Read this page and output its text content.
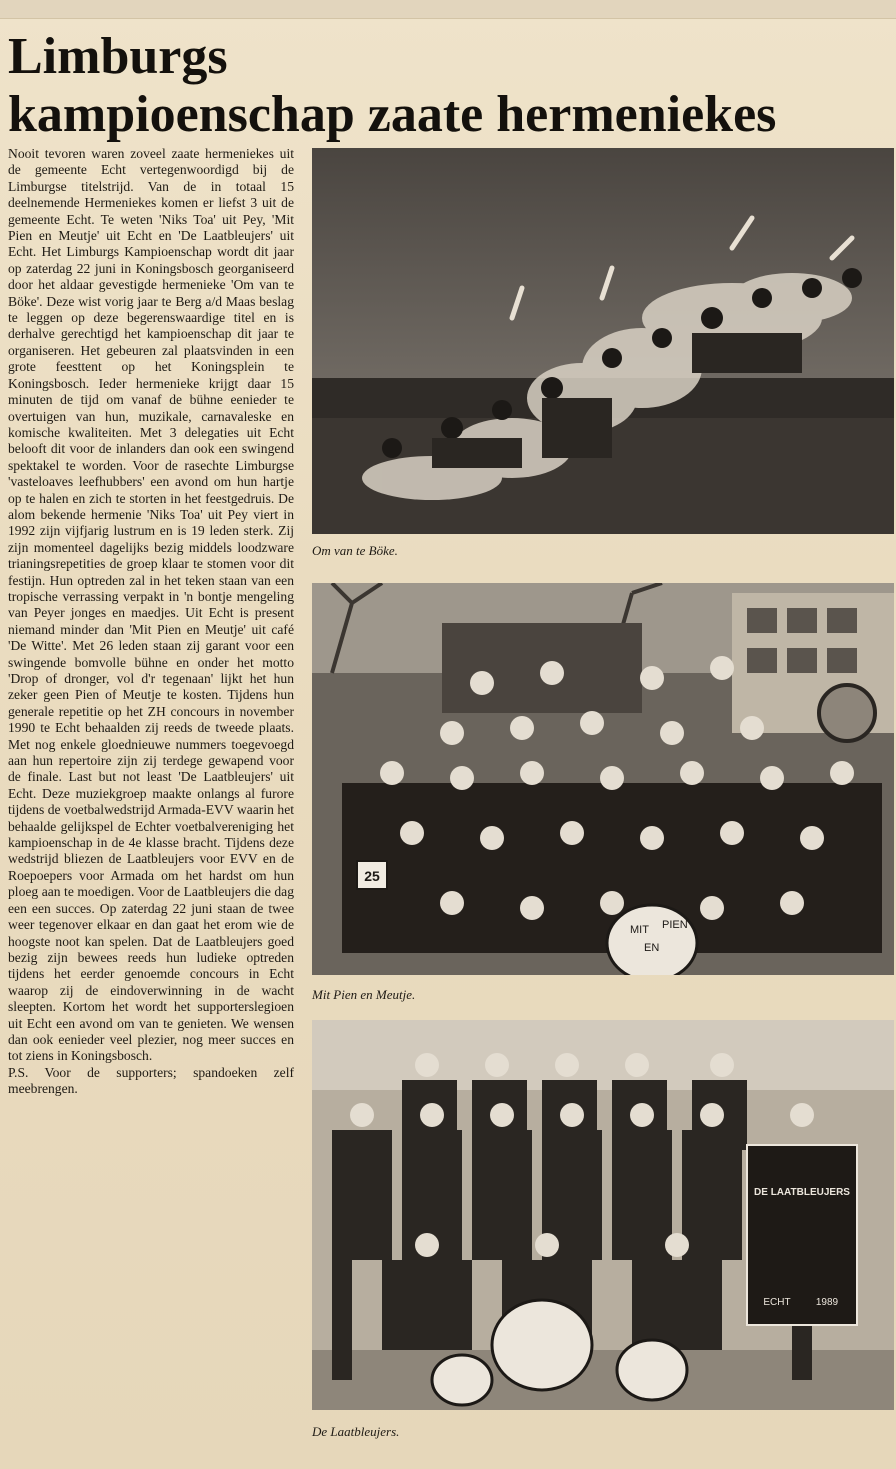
Limburgs
kampioenschap zaate hermeniekes

Nooit tevoren waren zoveel zaate hermeniekes uit de gemeente Echt vertegenwoordigd bij de Limburgse titelstrijd. Van de in totaal 15 deelnemende Hermeniekes komen er liefst 3 uit de gemeente Echt. Te weten 'Niks Toa' uit Pey, 'Mit Pien en Meutje' uit Echt en 'De Laatbleujers' uit Echt. Het Limburgs Kampioenschap wordt dit jaar op zaterdag 22 juni in Koningsbosch georganiseerd door het aldaar gevestigde hermenieke 'Om van te Böke'. Deze wist vorig jaar te Berg a/d Maas beslag te leggen op deze begerenswaardige titel en is derhalve gerechtigd het kampioenschap dit jaar te organiseren. Het gebeuren zal plaatsvinden in een grote feesttent op het Koningsplein te Koningsbosch. Ieder hermenieke krijgt daar 15 minuten de tijd om vanaf de bühne eenieder te overtuigen van hun, muzikale, carnavaleske en komische kwaliteiten. Met 3 delegaties uit Echt belooft dit voor de inlanders dan ook een swingend spektakel te worden. Voor de rasechte Limburgse 'vasteloaves leefhubbers' een avond om hun hartje op te halen en zich te storten in het feestgedruis. De alom bekende hermenie 'Niks Toa' uit Pey viert in 1992 zijn vijfjarig lustrum en is 19 leden sterk. Zij zijn momenteel dagelijks bezig middels loodzware trianingsrepetities de groep klaar te stomen voor dit festijn. Hun optreden zal in het teken staan van een tropische verrassing verpakt in 'n bontje mengeling van Peyer jonges en maedjes. Uit Echt is present niemand minder dan 'Mit Pien en Meutje' uit café 'De Witte'. Met 26 leden staan zij garant voor een swingende bomvolle bühne en onder het motto 'Drop of dronger, vol d'r tegenaan' lijkt het hun zeker geen Pien of Meutje te kosten. Tijdens hun generale repetitie op het ZH concours in november 1990 te Echt behaalden zij reeds de tweede plaats. Met nog enkele gloednieuwe nummers toegevoegd aan hun repertoire zijn zij terdege gewapend voor de finale. Last but not least 'De Laatbleujers' uit Echt. Deze muziekgroep maakte onlangs al furore tijdens de voetbalwedstrijd Armada-EVV waarin het behaalde gelijkspel de Echter voetbalvereniging het kampioenschap in de 4e klasse bracht. Tijdens deze wedstrijd bliezen de Laatbleujers voor EVV en de Roepoepers voor Armada om het hardst om hun ploeg aan te moedigen. Voor de Laatbleujers die dag een een succes. Op zaterdag 22 juni staan de twee weer tegenover elkaar en dan gaat het erom wie de hoogste noot kan spelen. Dat de Laatbleujers goed bezig zijn bewees reeds hun ludieke optreden tijdens het eerder genoemde concours in Echt waarop zij de eindoverwinning in de wacht sleepten. Kortom het wordt het supporterslegioen uit Echt een avond om van te genieten. We wensen dan ook eenieder veel plezier, nog meer succes en tot ziens in Koningsbosch.

P.S. Voor de supporters; spandoeken zelf meebrengen.

Om van te Böke.
25
MIT PIEN
EN
Mit Pien en Meutje.
DE LAATBLEUJERS
ECHT	1989
De Laatbleujers.
